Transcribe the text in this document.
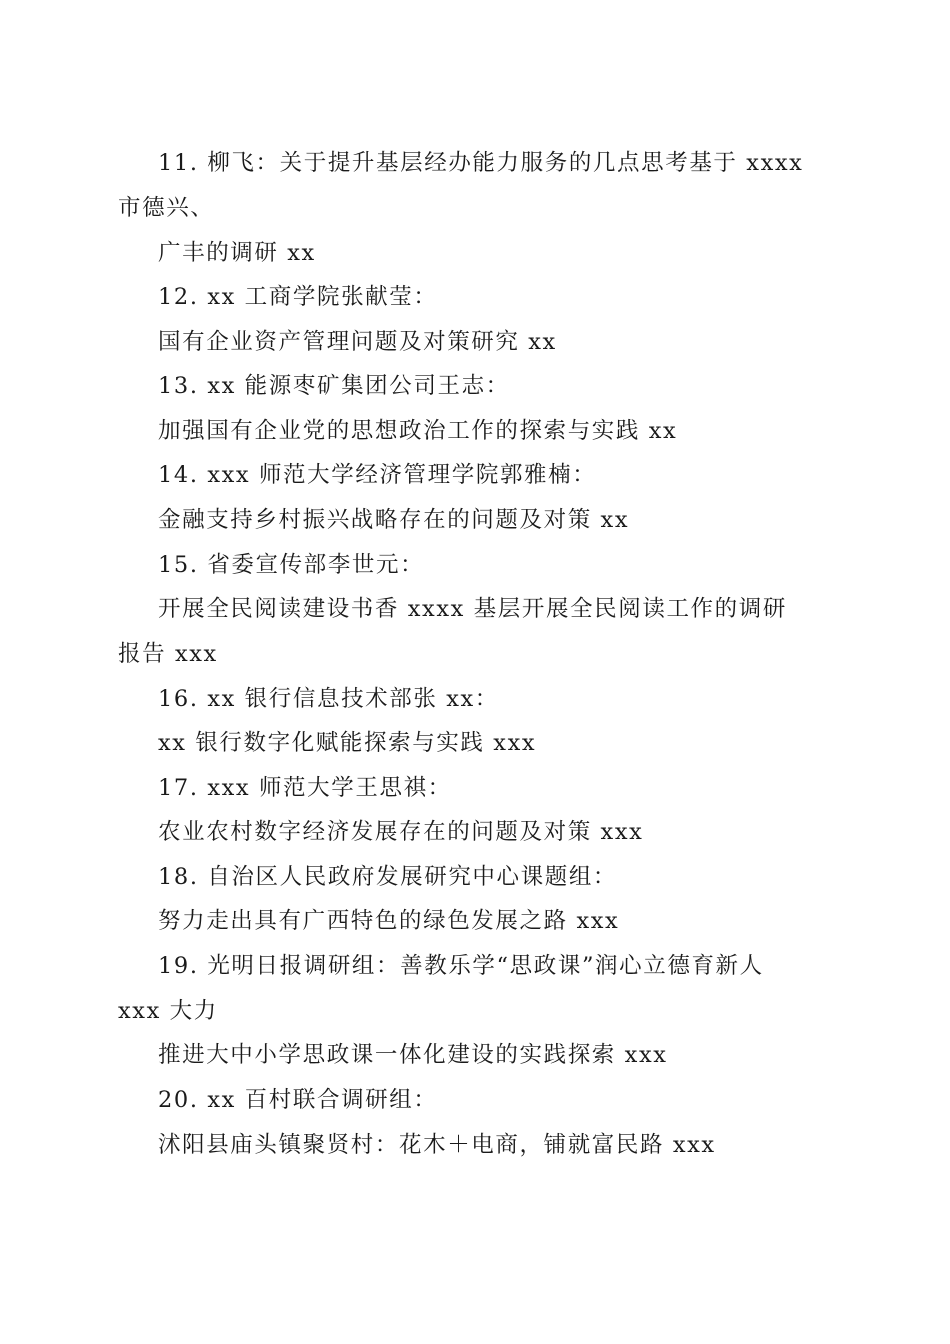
11. 柳飞：关于提升基层经办能力服务的几点思考基于 xxxx
市德兴、
广丰的调研 xx
12. xx 工商学院张献莹：
国有企业资产管理问题及对策研究 xx
13. xx 能源枣矿集团公司王志：
加强国有企业党的思想政治工作的探索与实践 xx
14. xxx 师范大学经济管理学院郭雅楠：
金融支持乡村振兴战略存在的问题及对策 xx
15. 省委宣传部李世元：
开展全民阅读建设书香 xxxx 基层开展全民阅读工作的调研
报告 xxx
16. xx 银行信息技术部张 xx：
xx 银行数字化赋能探索与实践 xxx
17. xxx 师范大学王思祺：
农业农村数字经济发展存在的问题及对策 xxx
18. 自治区人民政府发展研究中心课题组：
努力走出具有广西特色的绿色发展之路 xxx
19. 光明日报调研组：善教乐学“思政课”润心立德育新人
xxx 大力
推进大中小学思政课一体化建设的实践探索 xxx
20. xx 百村联合调研组：
沭阳县庙头镇聚贤村：花木＋电商，铺就富民路 xxx
